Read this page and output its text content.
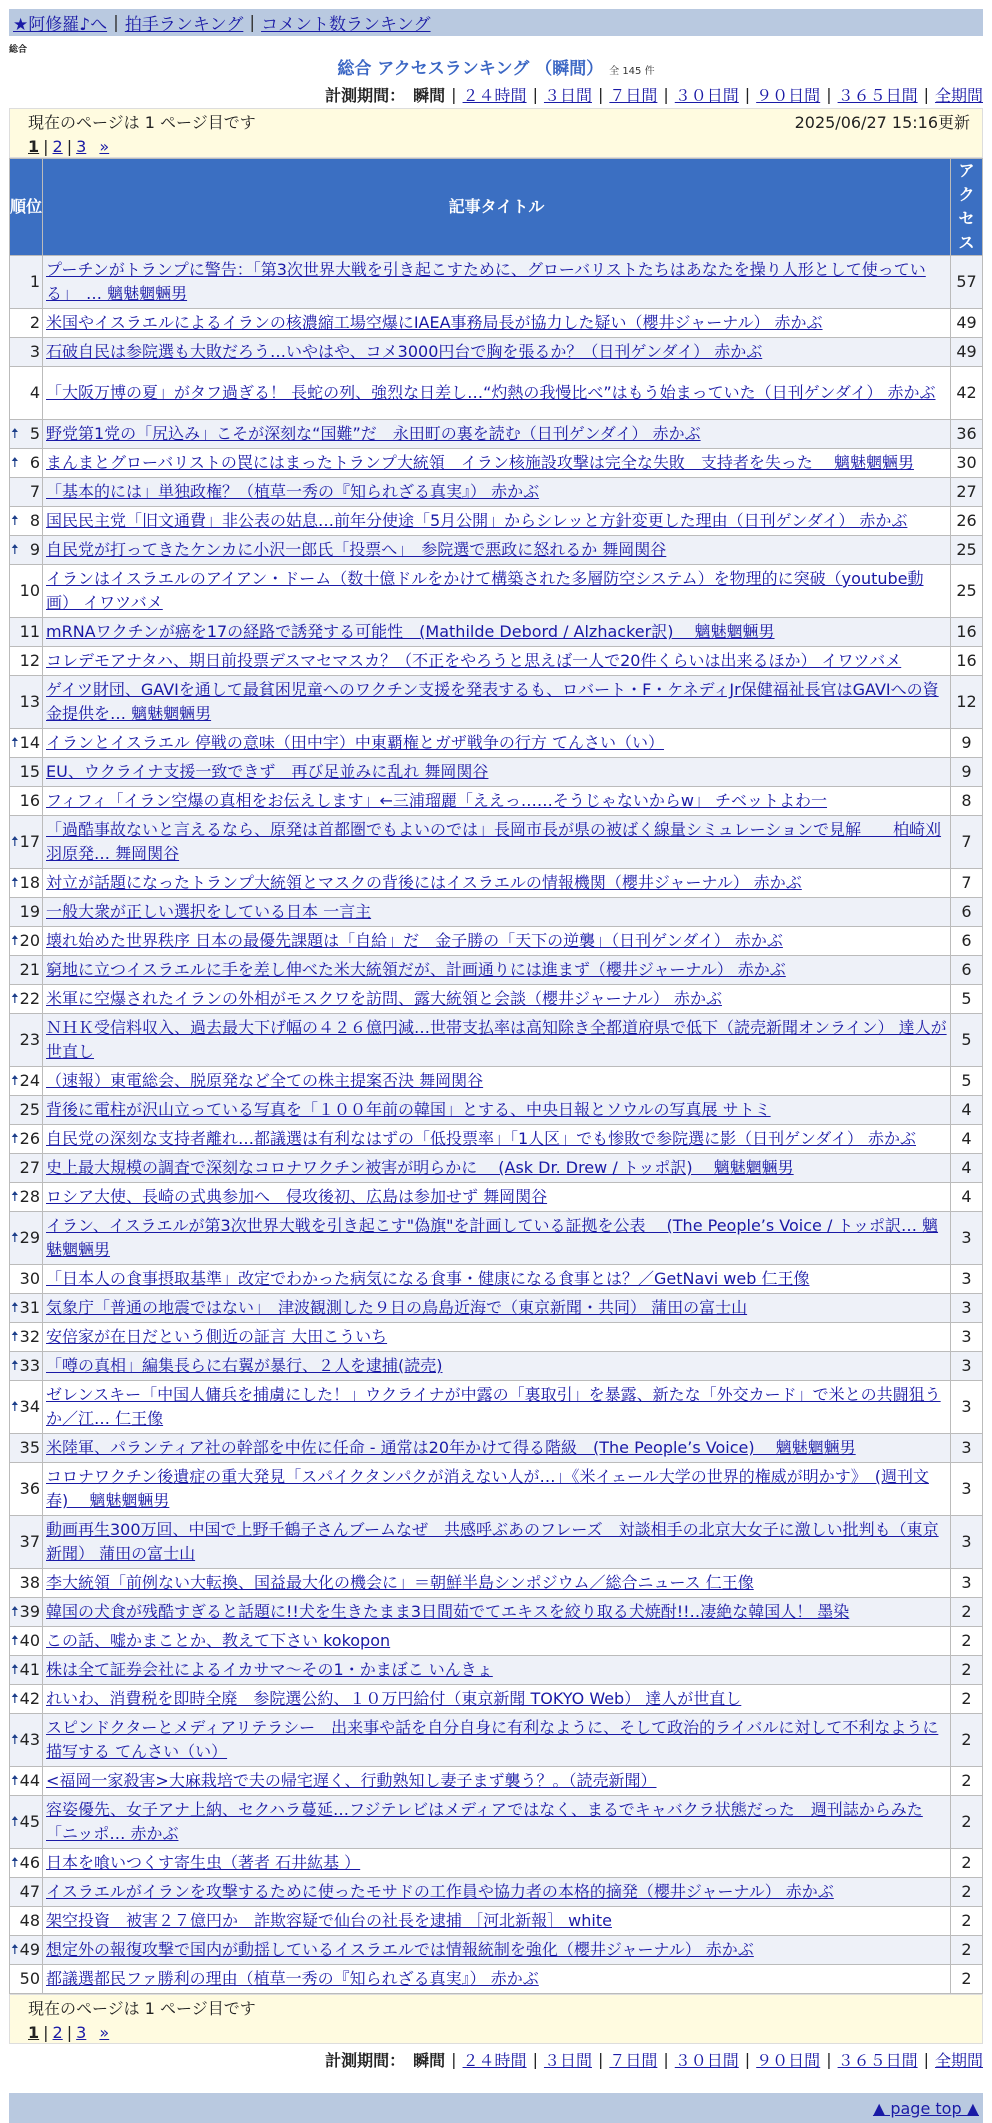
★阿修羅♪へ | 拍手ランキング | コメント数ランキング
総合
総合 アクセスランキング （瞬間） 全 145 件
計測期間： 瞬間 | ２４時間 | ３日間 | ７日間 | ３０日間 | ９０日間 | ３６５日間 | 全期間
現在のページは 1 ページ目です	2025/06/27 15:16更新
1 | 2 | 3 »
順位	記事タイトル	アクセス
1	プーチンがトランプに警告：「第3次世界大戦を引き起こすために、グローバリストたちはあなたを操り人形として使っている」　… 魑魅魍魎男	57
2	米国やイスラエルによるイランの核濃縮工場空爆にIAEA事務局長が協力した疑い（櫻井ジャーナル） 赤かぶ	49
3	石破自民は参院選も大敗だろう…いやはや、コメ3000円台で胸を張るか？（日刊ゲンダイ） 赤かぶ	49
4	「大阪万博の夏」がタフ過ぎる！ 長蛇の列、強烈な日差し…“灼熱の我慢比べ”はもう始まっていた（日刊ゲンダイ） 赤かぶ	42

🠅 5	野党第1党の「尻込み」こそが深刻な“国難”だ　永田町の裏を読む（日刊ゲンダイ） 赤かぶ	36

🠅 6	まんまとグローバリストの罠にはまったトランプ大統領　イラン核施設攻撃は完全な失敗　支持者を失った　 魑魅魍魎男	30
7	「基本的には」単独政権？（植草一秀の『知られざる真実』） 赤かぶ	27

🠅 8	国民民主党「旧文通費」非公表の姑息…前年分使途「5月公開」からシレッと方針変更した理由（日刊ゲンダイ） 赤かぶ	26

🠅 9	自民党が打ってきたケンカに小沢一郎氏「投票へ」　参院選で悪政に怒れるか 舞岡関谷	25
10	イランはイスラエルのアイアン・ドーム（数十億ドルをかけて構築された多層防空システム）を物理的に突破（youtube動画） イワツバメ	25
11	mRNAワクチンが癌を17の経路で誘発する可能性　(Mathilde Debord / Alzhacker訳)　 魑魅魍魎男	16
12	コレデモアナタハ、期日前投票デスマセマスカ？（不正をやろうと思えば一人で20件くらいは出来るほか） イワツバメ	16
13	ゲイツ財団、GAVIを通して最貧困児童へのワクチン支援を発表するも、ロバート・F・ケネディJr保健福祉長官はGAVIへの資金提供を… 魑魅魍魎男	12

🠅 14	イランとイスラエル 停戦の意味（田中宇）中東覇権とガザ戦争の行方 てんさい（い）	9
15	EU、ウクライナ支援一致できず　再び足並みに乱れ 舞岡関谷	9
16	フィフィ「イラン空爆の真相をお伝えします」←三浦瑠麗「ええっ……そうじゃないからw」 チベットよわ一	8

🠅 17	「過酷事故ないと言えるなら、原発は首都圏でもよいのでは」長岡市長が県の被ばく線量シミュレーションで見解　　柏崎刈羽原発… 舞岡関谷	7

🠅 18	対立が話題になったトランプ大統領とマスクの背後にはイスラエルの情報機関（櫻井ジャーナル） 赤かぶ	7
19	一般大衆が正しい選択をしている日本 一言主	6

🠅 20	壊れ始めた世界秩序 日本の最優先課題は「自給」だ　金子勝の「天下の逆襲」（日刊ゲンダイ） 赤かぶ	6
21	窮地に立つイスラエルに手を差し伸べた米大統領だが、計画通りには進まず（櫻井ジャーナル） 赤かぶ	6

🠅 22	米軍に空爆されたイランの外相がモスクワを訪問、露大統領と会談（櫻井ジャーナル） 赤かぶ	5
23	ＮＨＫ受信料収入、過去最大下げ幅の４２６億円減…世帯支払率は高知除き全都道府県で低下（読売新聞オンライン） 達人が世直し	5

🠅 24	（速報）東電総会、脱原発など全ての株主提案否決 舞岡関谷	5
25	背後に電柱が沢山立っている写真を「１００年前の韓国」とする、中央日報とソウルの写真展 サトミ	4

🠅 26	自民党の深刻な支持者離れ…都議選は有利なはずの「低投票率」「1人区」でも惨敗で参院選に影（日刊ゲンダイ） 赤かぶ	4
27	史上最大規模の調査で深刻なコロナワクチン被害が明らかに　 (Ask Dr. Drew / トッポ訳)　 魑魅魍魎男	4

🠅 28	ロシア大使、長崎の式典参加へ　侵攻後初、広島は参加せず 舞岡関谷	4

🠅 29	イラン、イスラエルが第3次世界大戦を引き起こす"偽旗"を計画している証拠を公表　 (The People’s Voice / トッポ訳… 魑魅魍魎男	3
30	「日本人の食事摂取基準」改定でわかった病気になる食事・健康になる食事とは？／GetNavi web 仁王像	3

🠅 31	気象庁「普通の地震ではない」　津波観測した９日の鳥島近海で（東京新聞・共同） 蒲田の富士山	3

🠅 32	安倍家が在日だという側近の証言 大田こういち	3

🠅 33	「噂の真相」編集長らに右翼が暴行、２人を逮捕(読売)	3

🠅 34	ゼレンスキー「中国人傭兵を捕虜にした！」ウクライナが中露の「裏取引」を暴露、新たな「外交カード」で米との共闘狙うか／江… 仁王像	3
35	米陸軍、パランティア社の幹部を中佐に任命 - 通常は20年かけて得る階級　(The People’s Voice)　 魑魅魍魎男	3
36	コロナワクチン後遺症の重大発見「スパイクタンパクが消えない人が…」《米イェール大学の世界的権威が明かす》　(週刊文春)　 魑魅魍魎男	3
37	動画再生300万回、中国で上野千鶴子さんブームなぜ　共感呼ぶあのフレーズ　対談相手の北京大女子に激しい批判も（東京新聞） 蒲田の富士山	3
38	李大統領「前例ない大転換、国益最大化の機会に」＝朝鮮半島シンポジウム／総合ニュース 仁王像	3

🠅 39	韓国の犬食が残酷すぎると話題に!!犬を生きたまま3日間茹でてエキスを絞り取る犬焼酎!!‥凄絶な韓国人！ 墨染	2

🠅 40	この話、嘘かまことか、教えて下さい kokopon	2

🠅 41	株は全て証券会社によるイカサマ〜その1・かまぼこ いんきょ	2

🠅 42	れいわ、消費税を即時全廃　参院選公約、１０万円給付（東京新聞 TOKYO Web） 達人が世直し	2

🠅 43	スピンドクターとメディアリテラシー　出来事や話を自分自身に有利なように、そして政治的ライバルに対して不利なように描写する てんさい（い）	2

🠅 44	<福岡一家殺害>大麻栽培で夫の帰宅遅く、行動熟知し妻子まず襲う？。（読売新聞）	2

🠅 45	容姿優先、女子アナ上納、セクハラ蔓延…フジテレビはメディアではなく、まるでキャバクラ状態だった　週刊誌からみた「ニッポ… 赤かぶ	2

🠅 46	日本を喰いつくす寄生虫（著者 石井紘基 ）	2
47	イスラエルがイランを攻撃するために使ったモサドの工作員や協力者の本格的摘発（櫻井ジャーナル） 赤かぶ	2
48	架空投資　被害２７億円か　詐欺容疑で仙台の社長を逮捕 ［河北新報］ white	2

🠅 49	想定外の報復攻撃で国内が動揺しているイスラエルでは情報統制を強化（櫻井ジャーナル） 赤かぶ	2
50	都議選都民ファ勝利の理由（植草一秀の『知られざる真実』） 赤かぶ	2
現在のページは 1 ページ目です
1 | 2 | 3 »
計測期間： 瞬間 | ２４時間 | ３日間 | ７日間 | ３０日間 | ９０日間 | ３６５日間 | 全期間
▲ page top ▲
